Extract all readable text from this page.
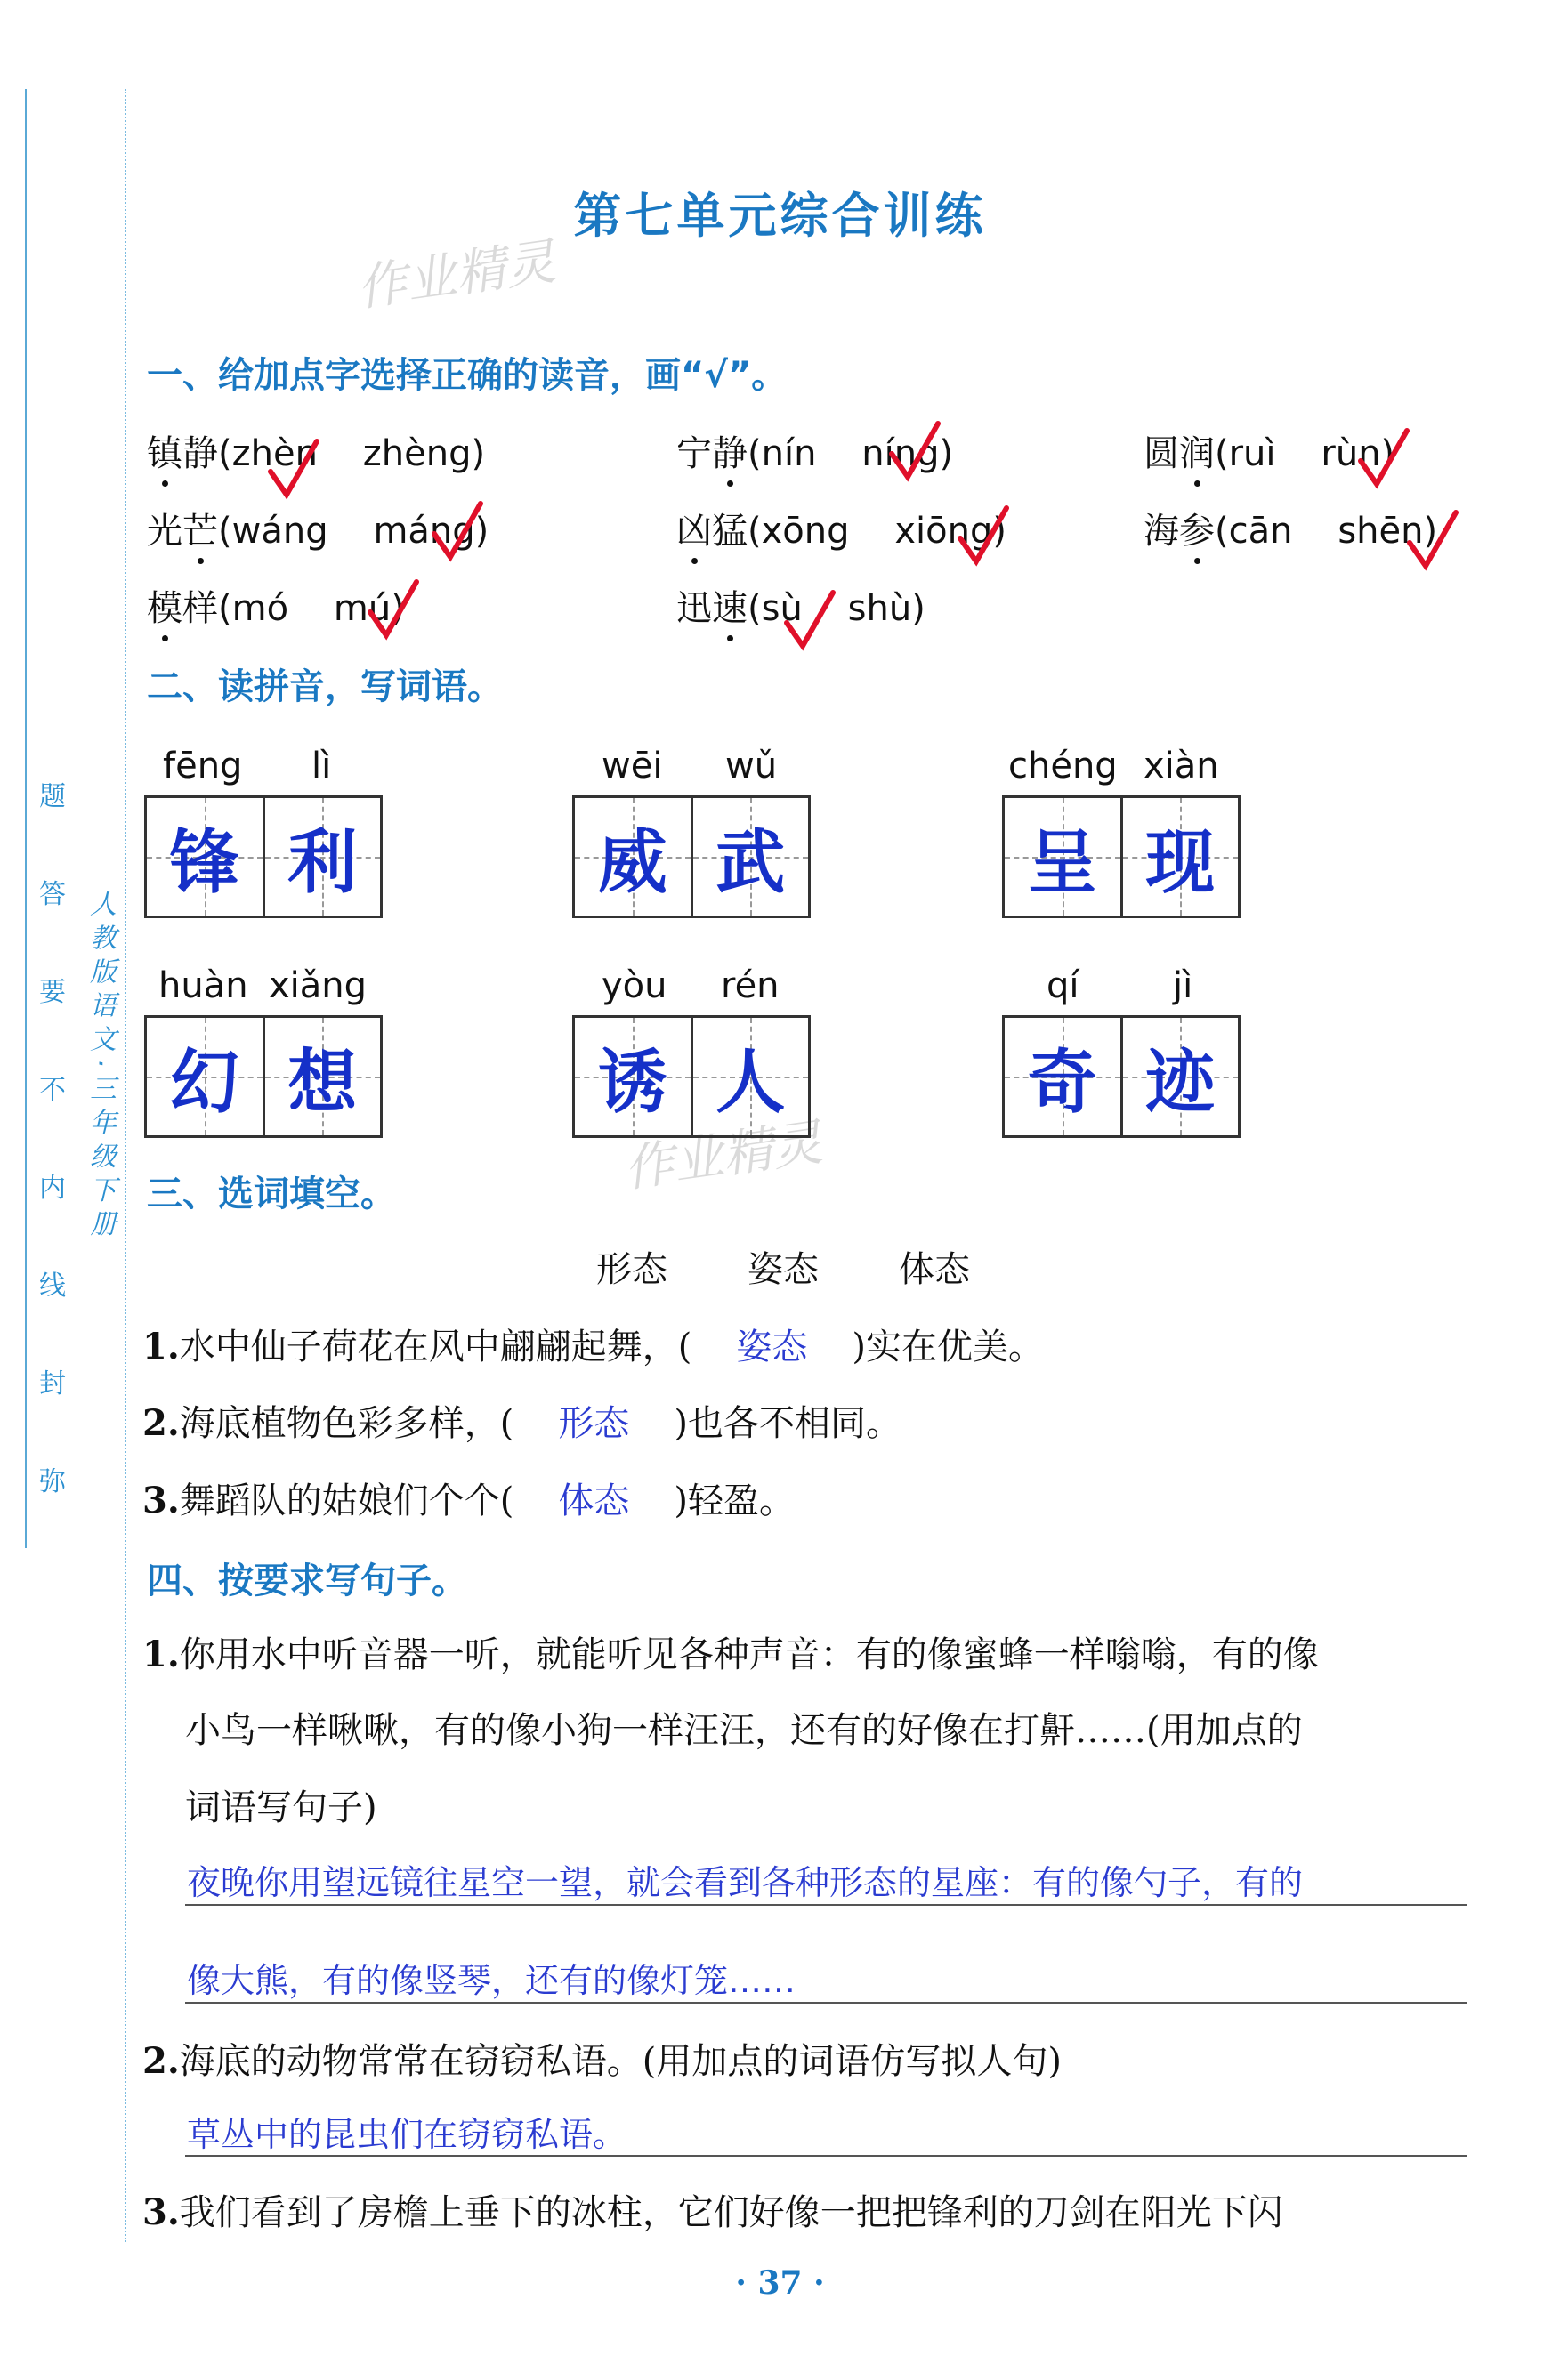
题
答
要
不
内
线
封
弥
人教版语文·三年级下册
第七单元综合训练
作业精灵
作业精灵
一、给加点字选择正确的读音，画“√”。
镇静(zhèn zhèng)	宁静(nín níng)	圆润(ruì rùn)
光芒(wáng máng)	凶猛(xōng xiōng)	海参(cān shēn)
模样(mó mú)	迅速(sù shù)
二、读拼音，写词语。
fēng lì
锋 利
wēi wǔ
威 武
chéng xiàn
呈 现
huàn xiǎng
幻 想
yòu rén
诱 人
qí	jì
奇 迹
三、选词填空。
形态 姿态 体态
1.水中仙子荷花在风中翩翩起舞，( 姿态 )实在优美。
2.海底植物色彩多样，( 形态 )也各不相同。
3.舞蹈队的姑娘们个个( 体态 )轻盈。
四、按要求写句子。
1.你用水中听音器一听，就能听见各种声音：有的像蜜蜂一样嗡嗡，有的像
小鸟一样啾啾，有的像小狗一样汪汪，还有的好像在打鼾……(用加点的
词语写句子)
夜晚你用望远镜往星空一望，就会看到各种形态的星座：有的像勺子，有的
像大熊，有的像竖琴，还有的像灯笼……
2.海底的动物常常在窃窃私语。(用加点的词语仿写拟人句)
草丛中的昆虫们在窃窃私语。
3.我们看到了房檐上垂下的冰柱，它们好像一把把锋利的刀剑在阳光下闪
· 37 ·
